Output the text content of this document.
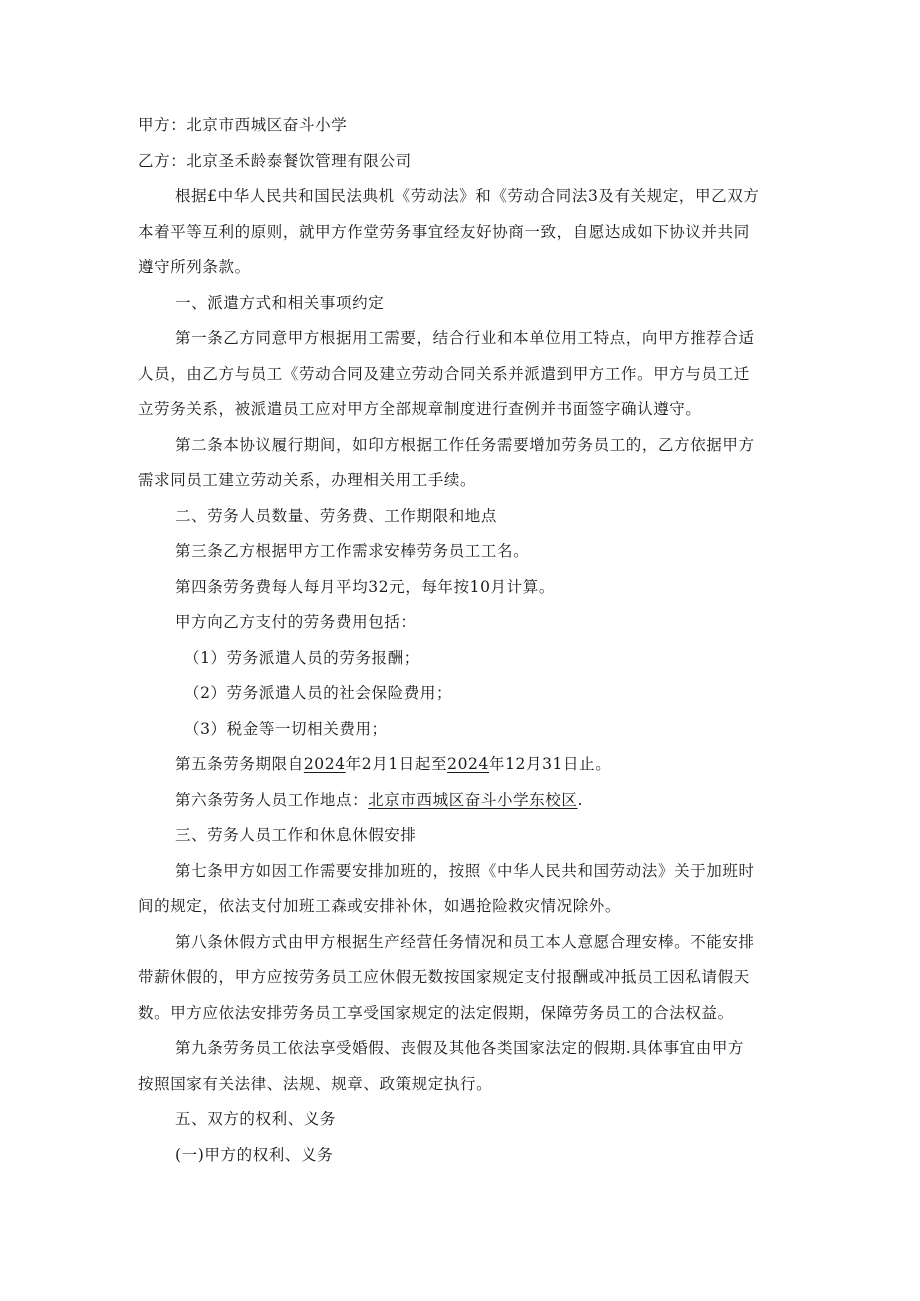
甲方：北京市西城区奋斗小学
乙方：北京圣禾龄泰餐饮管理有限公司
根据£中华人民共和国民法典机《劳动法》和《劳动合同法3及有关规定，甲乙双方
本着平等互利的原则，就甲方作堂劳务事宜经友好协商一致，自愿达成如下协议并共同
遵守所列条款。
一、派遣方式和相关事项约定
第一条乙方同意甲方根据用工需要，结合行业和本单位用工特点，向甲方推荐合适
人员，由乙方与员工《劳动合同及建立劳动合同关系并派遣到甲方工作。甲方与员工迁
立劳务关系，被派遣员工应对甲方全部规章制度进行查例并书面签字确认遵守。
第二条本协议履行期间，如印方根据工作任务需要增加劳务员工的，乙方依据甲方
需求同员工建立劳动关系，办理相关用工手续。
二、劳务人员数量、劳务费、工作期限和地点
第三条乙方根据甲方工作需求安棒劳务员工工名。
第四条劳务费每人每月平均32元，每年按10月计算。
甲方向乙方支付的劳务费用包括：
（1）劳务派遣人员的劳务报酬；
（2）劳务派遣人员的社会保险费用；
（3）税金等一切相关费用；
第五条劳务期限自2024年2月1日起至2024年12月31日止。
第六条劳务人员工作地点：北京市西城区奋斗小学东校区.
三、劳务人员工作和休息休假安排
第七条甲方如因工作需要安排加班的，按照《中华人民共和国劳动法》关于加班时
间的规定，依法支付加班工森或安排补休，如遇抢险救灾情况除外。
第八条休假方式由甲方根据生产经营任务情况和员工本人意愿合理安棒。不能安排
带薪休假的，甲方应按劳务员工应休假无数按国家规定支付报酬或冲抵员工因私请假天
数。甲方应依法安排劳务员工享受国家规定的法定假期，保障劳务员工的合法权益。
第九条劳务员工依法享受婚假、丧假及其他各类国家法定的假期.具体事宜由甲方
按照国家有关法律、法规、规章、政策规定执行。
五、双方的权利、义务
(一)甲方的权利、义务
